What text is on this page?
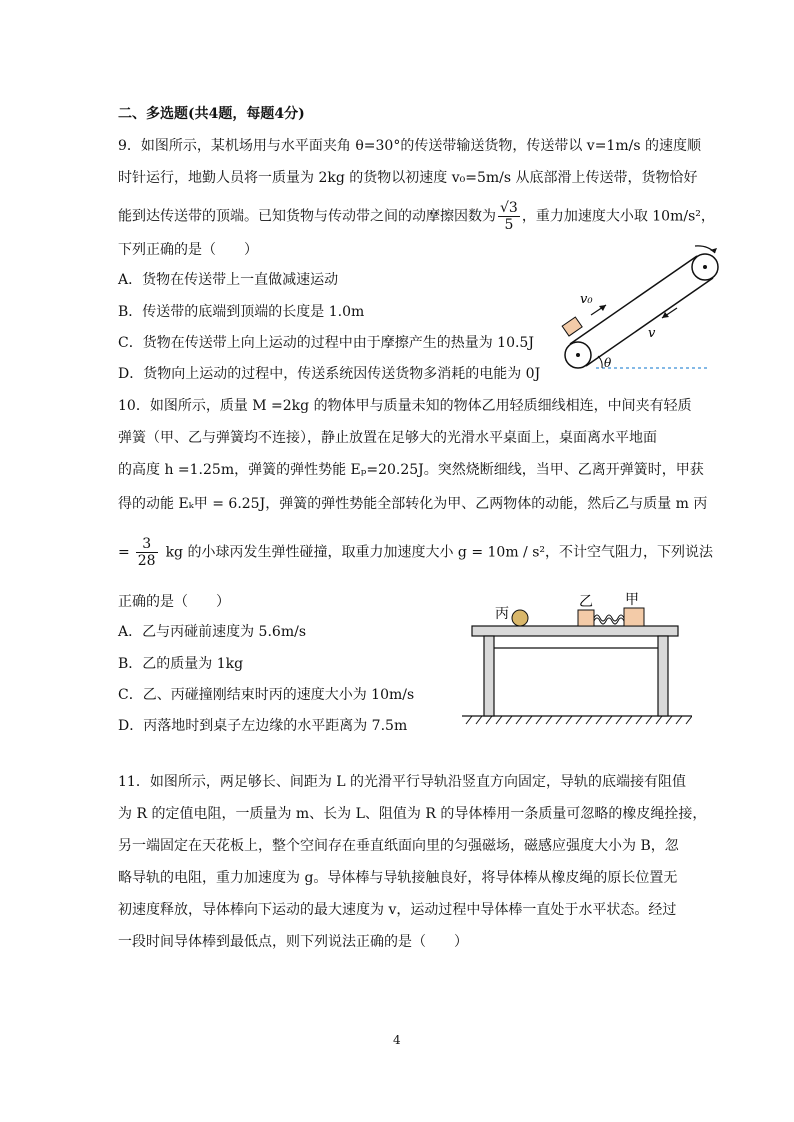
二、多选题(共4题，每题4分)
9．如图所示，某机场用与水平面夹角 θ=30°的传送带输送货物，传送带以 v=1m/s 的速度顺
时针运行，地勤人员将一质量为 2kg 的货物以初速度 v₀=5m/s 从底部滑上传送带，货物恰好
能到达传送带的顶端。已知货物与传动带之间的动摩擦因数为 $\frac{√3}{5}$ ，重力加速度大小取 10m/s²，
下列正确的是（　　）
A．货物在传送带上一直做减速运动
B．传送带的底端到顶端的长度是 1.0m
C．货物在传送带上向上运动的过程中由于摩擦产生的热量为 10.5J
D．货物向上运动的过程中，传送系统因传送货物多消耗的电能为 0J
v₀
v
θ
10．如图所示，质量 M =2kg 的物体甲与质量未知的物体乙用轻质细线相连，中间夹有轻质
弹簧（甲、乙与弹簧均不连接），静止放置在足够大的光滑水平桌面上，桌面离水平地面
的高度 h =1.25m，弹簧的弹性势能 Eₚ=20.25J。突然烧断细线，当甲、乙离开弹簧时，甲获
得的动能 Eₖ甲 = 6.25J，弹簧的弹性势能全部转化为甲、乙两物体的动能，然后乙与质量 m 丙
= $\frac{3}{28}$ kg 的小球丙发生弹性碰撞，取重力加速度大小 g = 10m / s²，不计空气阻力，下列说法
正确的是（　　）
A．乙与丙碰前速度为 5.6m/s
B．乙的质量为 1kg
C．乙、丙碰撞刚结束时丙的速度大小为 10m/s
D．丙落地时到桌子左边缘的水平距离为 7.5m
丙
乙 甲
11．如图所示，两足够长、间距为 L 的光滑平行导轨沿竖直方向固定，导轨的底端接有阻值
为 R 的定值电阻，一质量为 m、长为 L、阻值为 R 的导体棒用一条质量可忽略的橡皮绳拴接，
另一端固定在天花板上，整个空间存在垂直纸面向里的匀强磁场，磁感应强度大小为 B，忽
略导轨的电阻，重力加速度为 g。导体棒与导轨接触良好，将导体棒从橡皮绳的原长位置无
初速度释放，导体棒向下运动的最大速度为 v，运动过程中导体棒一直处于水平状态。经过
一段时间导体棒到最低点，则下列说法正确的是（　　）
4
